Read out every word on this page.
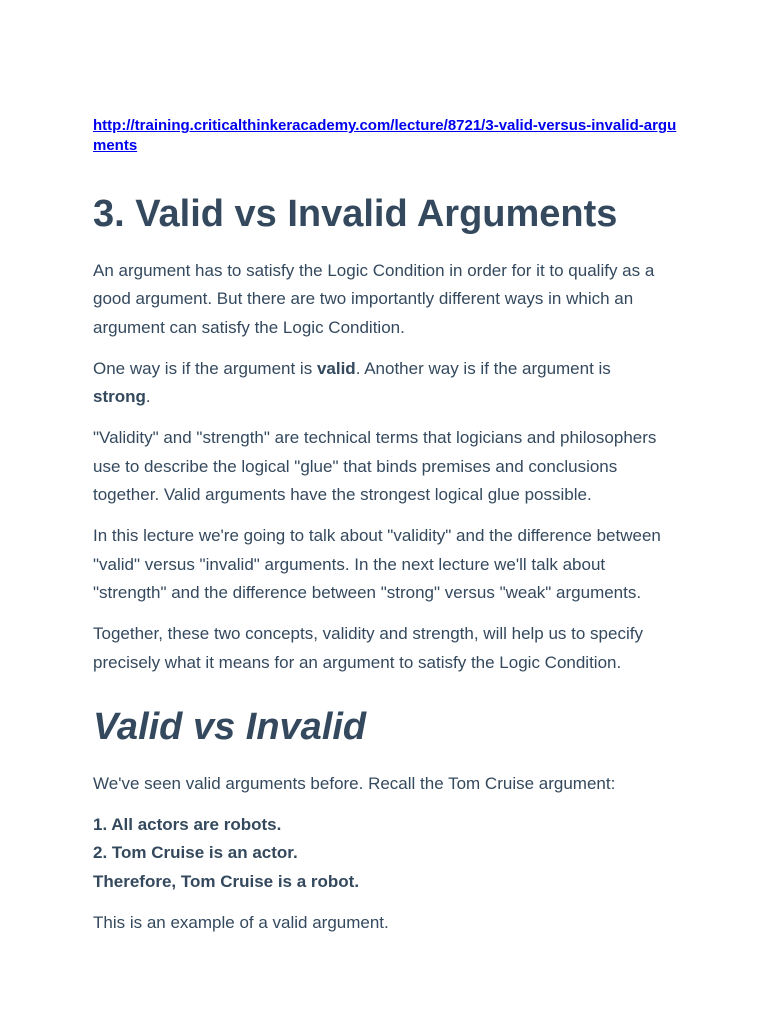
http://training.criticalthinkeracademy.com/lecture/8721/3-valid-versus-invalid-arguments
3. Valid vs Invalid Arguments

An argument has to satisfy the Logic Condition in order for it to qualify as a good argument. But there are two importantly different ways in which an argument can satisfy the Logic Condition.

One way is if the argument is valid. Another way is if the argument is
strong.

"Validity" and "strength" are technical terms that logicians and philosophers use to describe the logical "glue" that binds premises and conclusions together. Valid arguments have the strongest logical glue possible.

In this lecture we're going to talk about "validity" and the difference between "valid" versus "invalid" arguments. In the next lecture we'll talk about "strength" and the difference between "strong" versus "weak" arguments.

Together, these two concepts, validity and strength, will help us to specify precisely what it means for an argument to satisfy the Logic Condition.

Valid vs Invalid

We've seen valid arguments before. Recall the Tom Cruise argument:

1. All actors are robots.
2. Tom Cruise is an actor.
Therefore, Tom Cruise is a robot.

This is an example of a valid argument.
